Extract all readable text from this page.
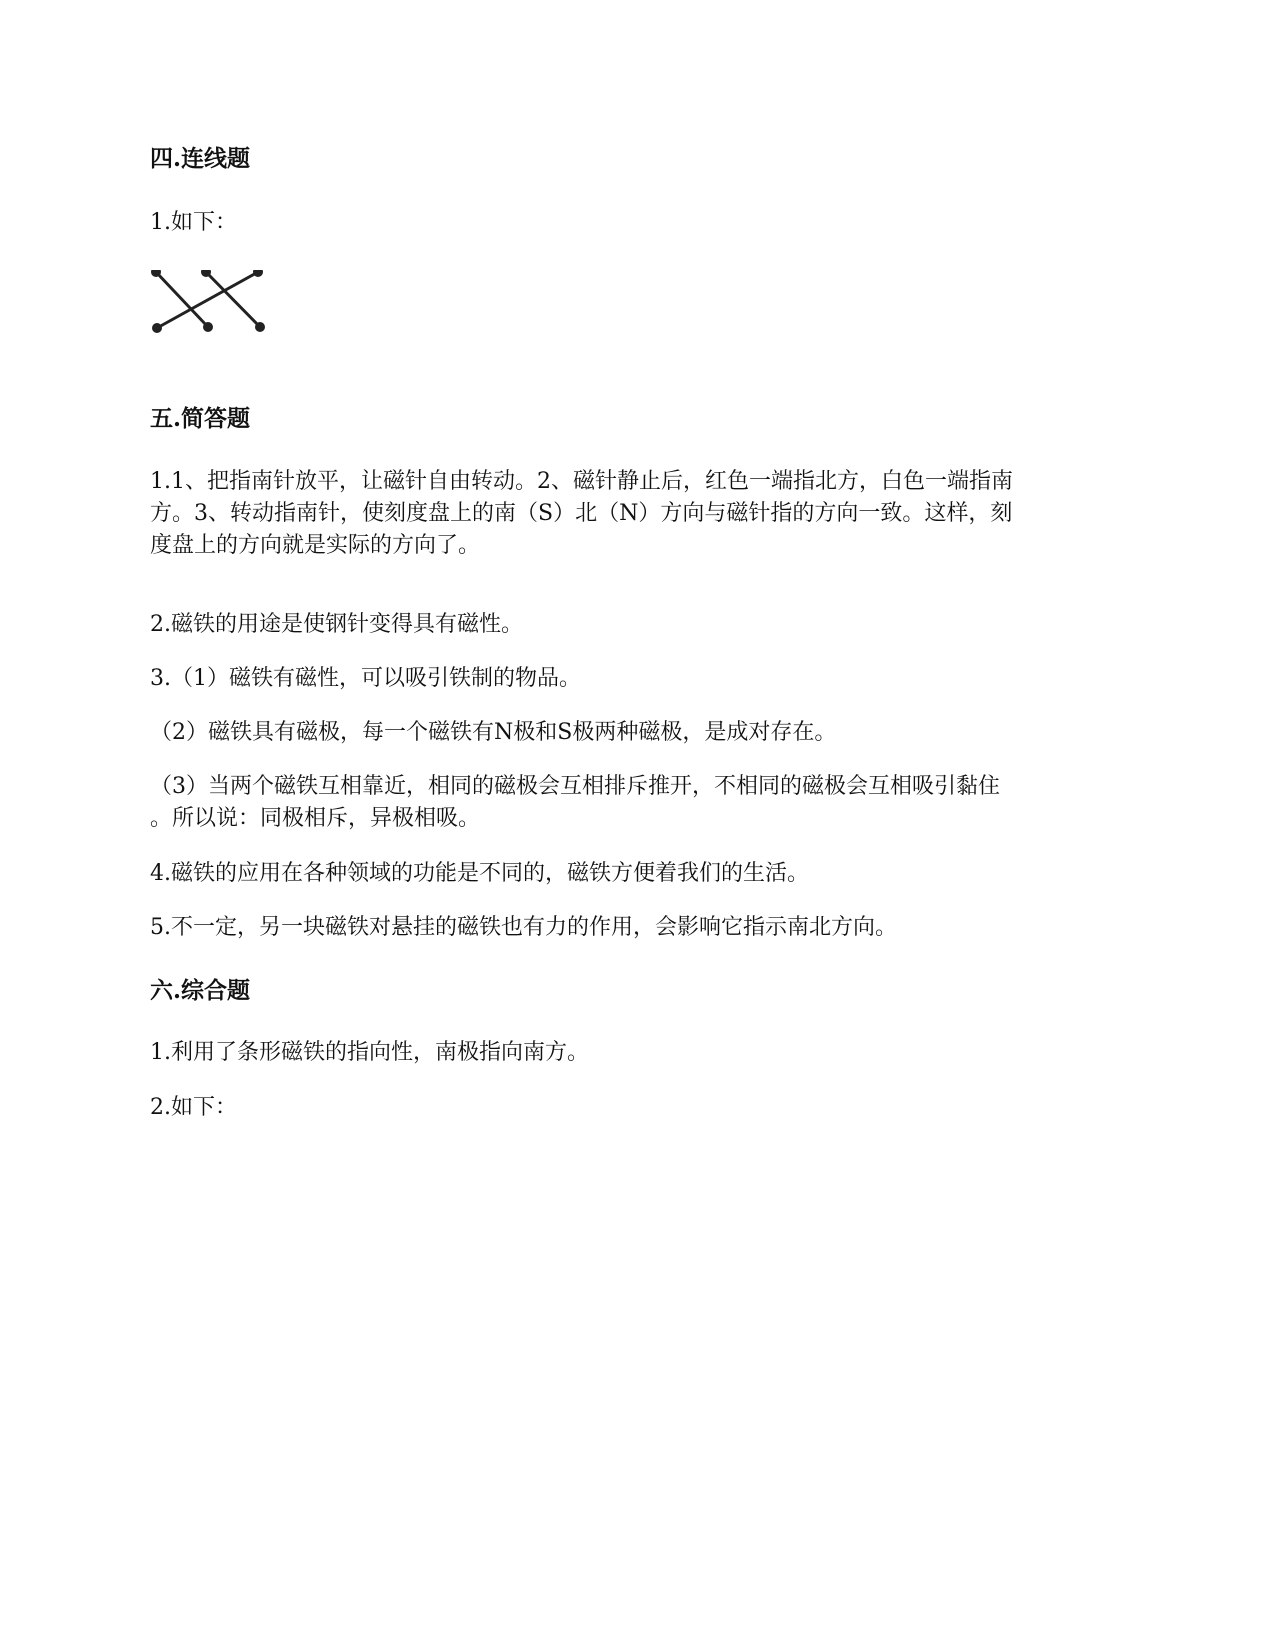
四.连线题
1.如下：
五.简答题
1.1、把指南针放平，让磁针自由转动。2、磁针静止后，红色一端指北方，白色一端指南
方。3、转动指南针，使刻度盘上的南（S）北（N）方向与磁针指的方向一致。这样，刻
度盘上的方向就是实际的方向了。
2.磁铁的用途是使钢针变得具有磁性。
3.（1）磁铁有磁性，可以吸引铁制的物品。
（2）磁铁具有磁极，每一个磁铁有N极和S极两种磁极，是成对存在。
（3）当两个磁铁互相靠近，相同的磁极会互相排斥推开，不相同的磁极会互相吸引黏住
。所以说：同极相斥，异极相吸。
4.磁铁的应用在各种领域的功能是不同的，磁铁方便着我们的生活。
5.不一定，另一块磁铁对悬挂的磁铁也有力的作用，会影响它指示南北方向。
六.综合题
1.利用了条形磁铁的指向性，南极指向南方。
2.如下：
